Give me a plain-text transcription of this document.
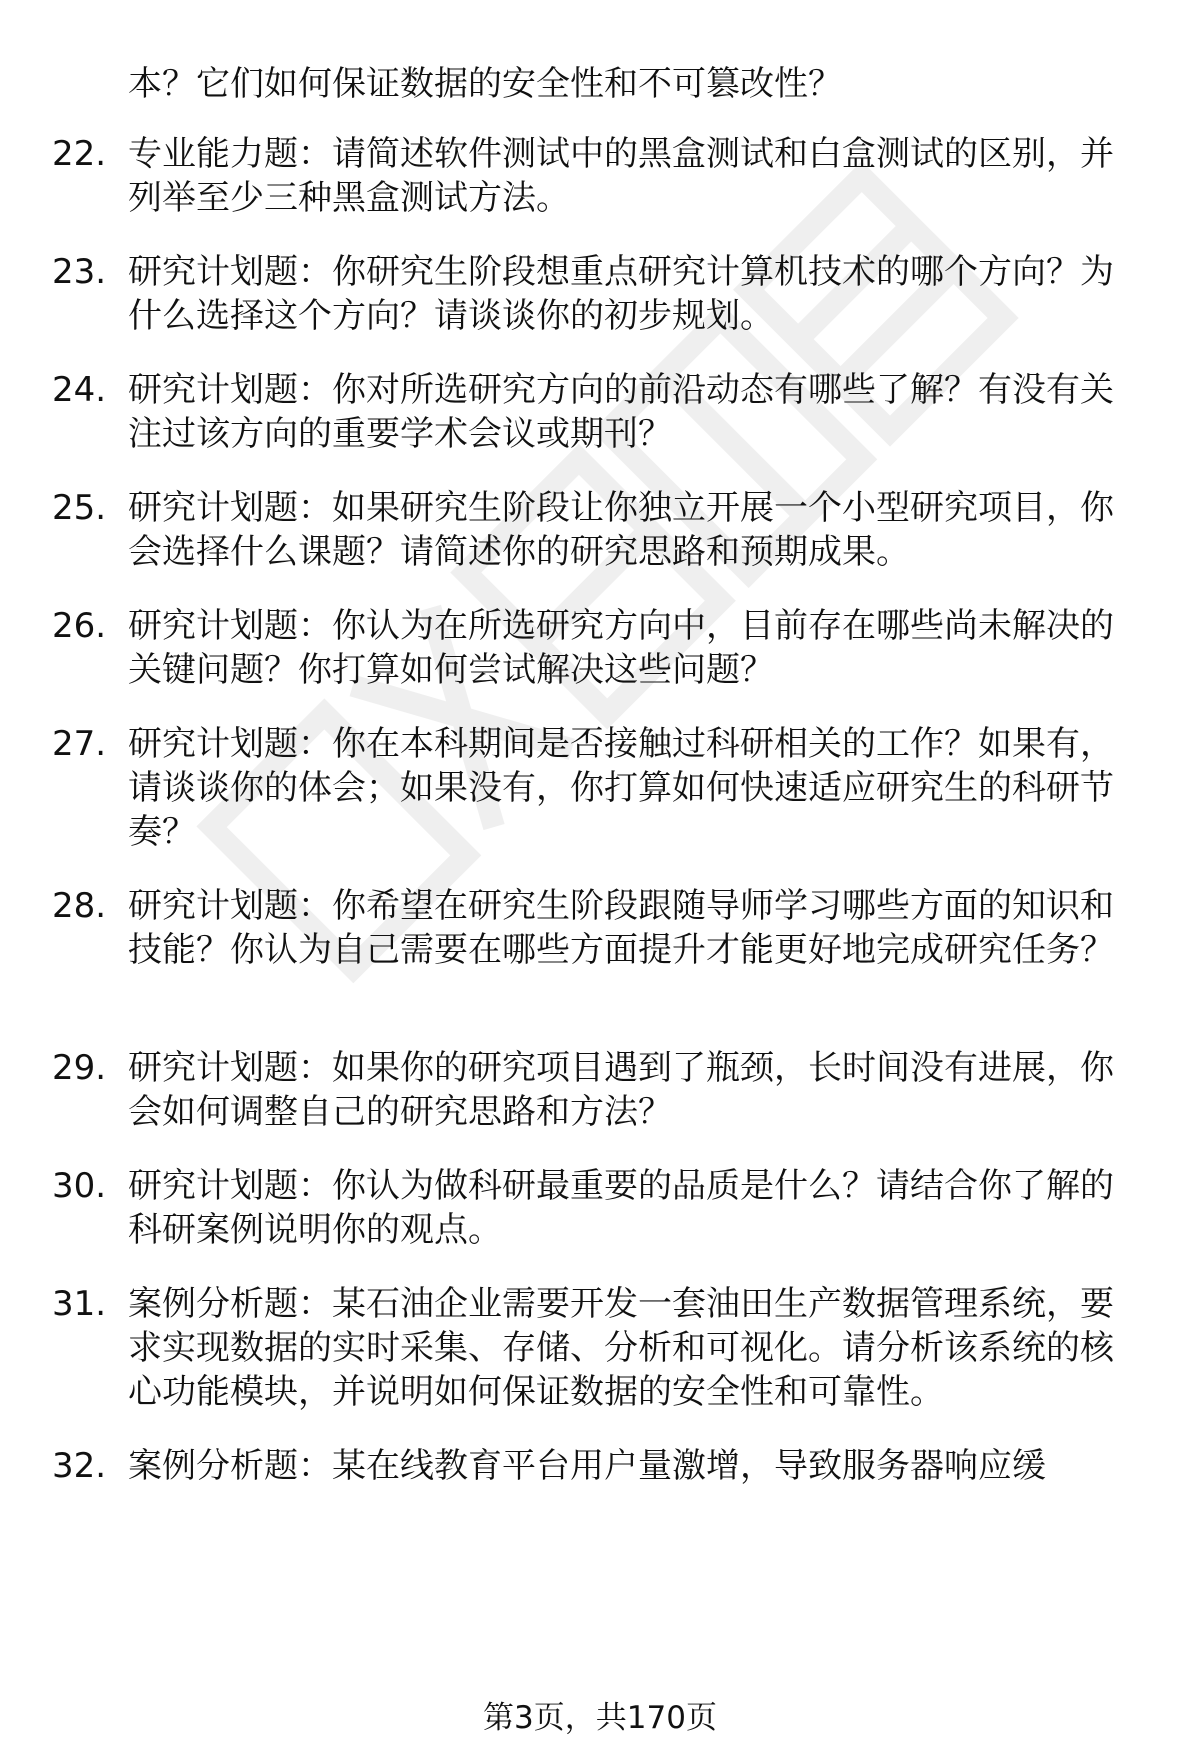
本？它们如何保证数据的安全性和不可篡改性？
22. 专业能力题：请简述软件测试中的黑盒测试和白盒测试的区别，并列举至少三种黑盒测试方法。
23. 研究计划题：你研究生阶段想重点研究计算机技术的哪个方向？为什么选择这个方向？请谈谈你的初步规划。
24. 研究计划题：你对所选研究方向的前沿动态有哪些了解？有没有关注过该方向的重要学术会议或期刊？
25. 研究计划题：如果研究生阶段让你独立开展一个小型研究项目，你会选择什么课题？请简述你的研究思路和预期成果。
26. 研究计划题：你认为在所选研究方向中，目前存在哪些尚未解决的关键问题？你打算如何尝试解决这些问题？
27. 研究计划题：你在本科期间是否接触过科研相关的工作？如果有，请谈谈你的体会；如果没有，你打算如何快速适应研究生的科研节奏？
28. 研究计划题：你希望在研究生阶段跟随导师学习哪些方面的知识和技能？你认为自己需要在哪些方面提升才能更好地完成研究任务？
29. 研究计划题：如果你的研究项目遇到了瓶颈，长时间没有进展，你会如何调整自己的研究思路和方法？
30. 研究计划题：你认为做科研最重要的品质是什么？请结合你了解的科研案例说明你的观点。
31. 案例分析题：某石油企业需要开发一套油田生产数据管理系统，要求实现数据的实时采集、存储、分析和可视化。请分析该系统的核心功能模块，并说明如何保证数据的安全性和可靠性。
32. 案例分析题：某在线教育平台用户量激增，导致服务器响应缓
第3页，共170页
